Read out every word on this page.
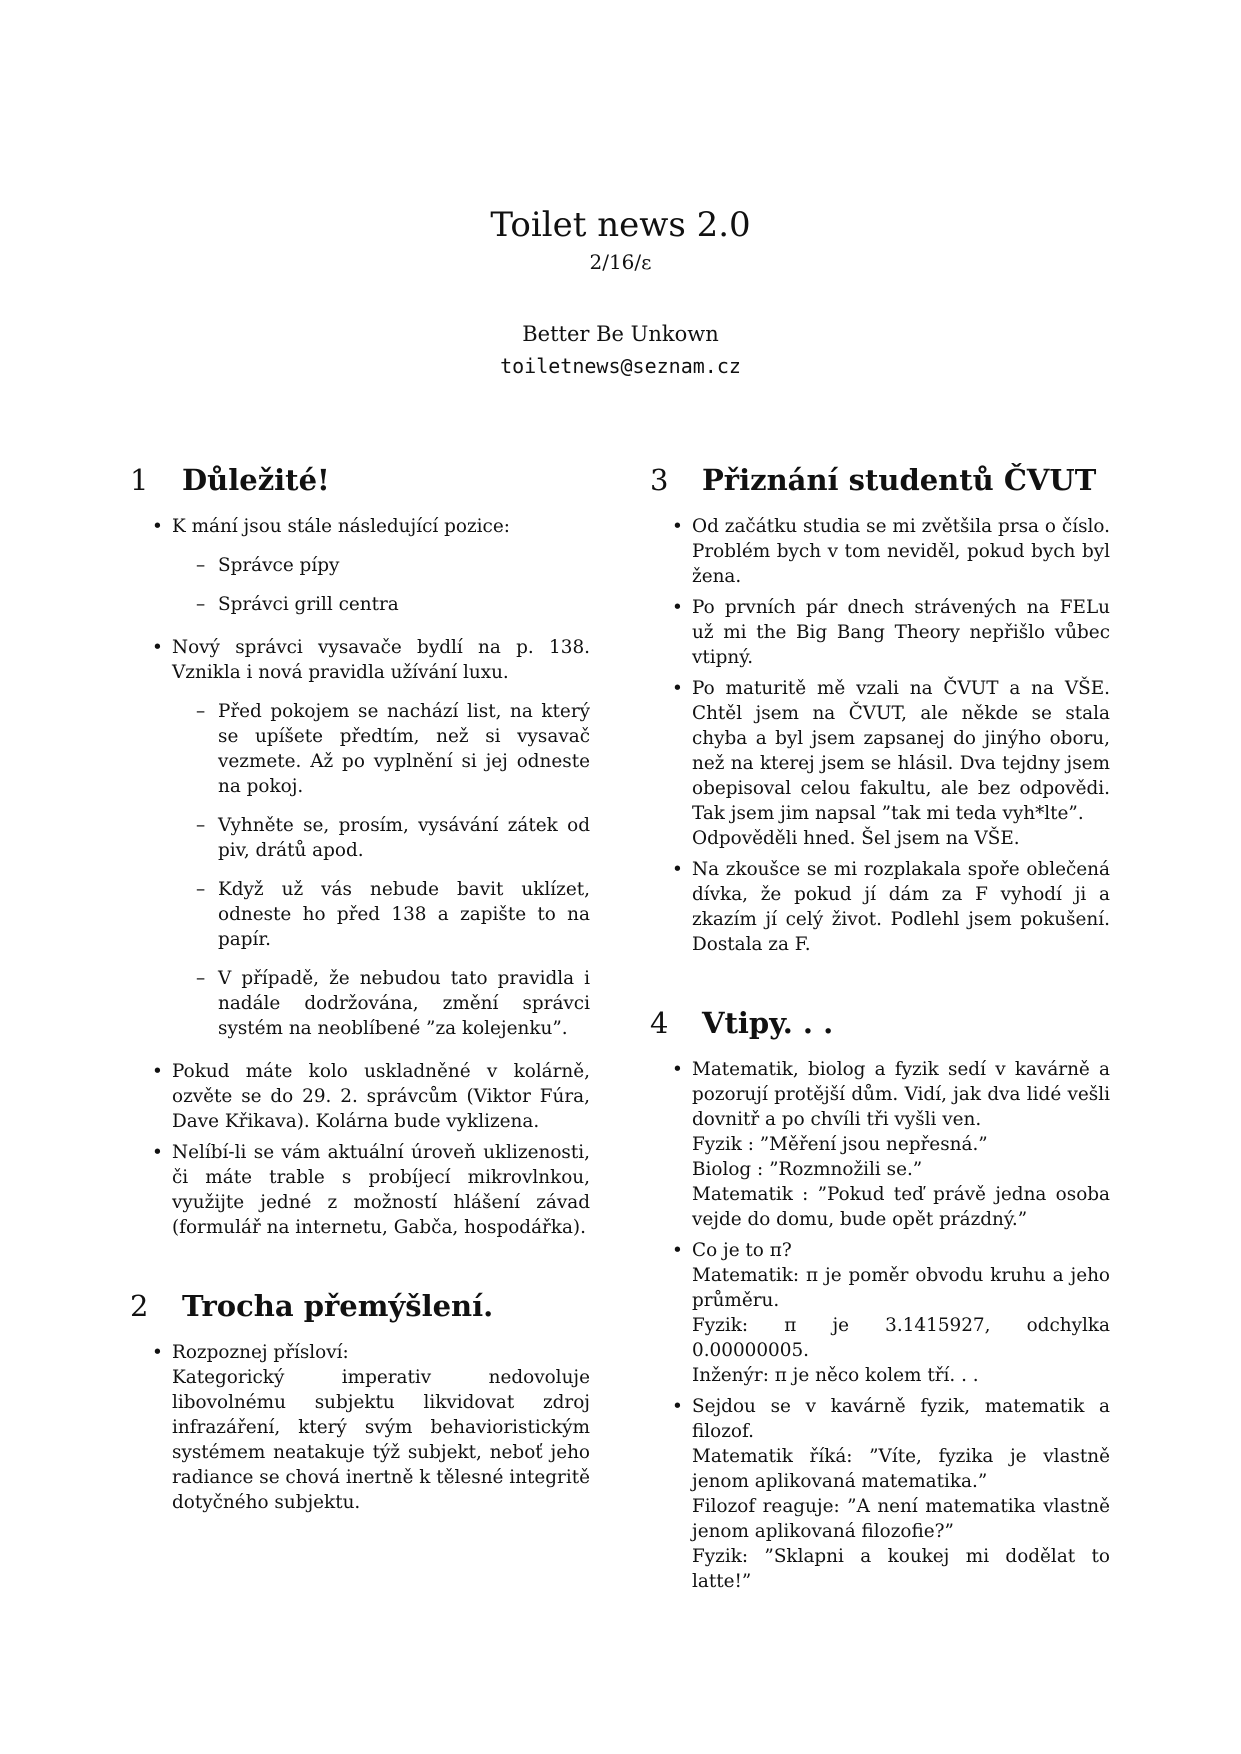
Toilet news 2.0
2/16/ε
Better Be Unkown
toiletnews@seznam.cz
1	Důležité!
• K mání jsou stále následující pozice:
– Správce pípy
– Správci grill centra
• Nový správci vysavače bydlí na p. 138. Vznikla i nová pravidla užívání luxu.
– Před pokojem se nachází list, na který se upíšete předtím, než si vysavač vezmete. Až po vyplnění si jej odneste na pokoj.
– Vyhněte se, prosím, vysávání zátek od piv, drátů apod.
– Když už vás nebude bavit uklízet, odneste ho před 138 a zapište to na papír.
– V případě, že nebudou tato pravidla i nadále dodržována, změní správci systém na neoblíbené ”za kolejenku”.
• Pokud máte kolo uskladněné v kolárně, ozvěte se do 29. 2. správcům (Viktor Fúra, Dave Křikava). Kolárna bude vyklizena.
• Nelíbí-li se vám aktuální úroveň uklizenosti, či máte trable s probíjecí mikrovlnkou, využijte jedné z možností hlášení závad (formulář na internetu, Gabča, hospodářka).
2	Trocha přemýšlení.
• Rozpoznej přísloví:
Kategorický imperativ nedovoluje libovolnému subjektu likvidovat zdroj infrazáření, který svým behavioristickým systémem neatakuje týž subjekt, neboť jeho radiance se chová inertně k tělesné integritě dotyčného subjektu.
3	Přiznání studentů ČVUT
• Od začátku studia se mi zvětšila prsa o číslo. Problém bych v tom neviděl, pokud bych byl žena.
• Po prvních pár dnech strávených na FELu už mi the Big Bang Theory nepřišlo vůbec vtipný.
• Po maturitě mě vzali na ČVUT a na VŠE. Chtěl jsem na ČVUT, ale někde se stala chyba a byl jsem zapsanej do jinýho oboru, než na kterej jsem se hlásil. Dva tejdny jsem obepisoval celou fakultu, ale bez odpovědi. Tak jsem jim napsal ”tak mi teda vyh*lte”.
Odpověděli hned. Šel jsem na VŠE.
• Na zkoušce se mi rozplakala spoře oblečená dívka, že pokud jí dám za F vyhodí ji a zkazím jí celý život. Podlehl jsem pokušení. Dostala za F.
4	Vtipy. . .
• Matematik, biolog a fyzik sedí v kavárně a pozorují protější dům. Vidí, jak dva lidé vešli dovnitř a po chvíli tři vyšli ven.
Fyzik : ”Měření jsou nepřesná.”
Biolog : ”Rozmnožili se.”
Matematik : ”Pokud teď právě jedna osoba vejde do domu, bude opět prázdný.”
• Co je to π?
Matematik: π je poměr obvodu kruhu a jeho průměru.
Fyzik: π je 3.1415927, odchylka 0.00000005.
Inženýr: π je něco kolem tří. . .
• Sejdou se v kavárně fyzik, matematik a filozof.
Matematik říká: ”Víte, fyzika je vlastně jenom aplikovaná matematika.”
Filozof reaguje: ”A není matematika vlastně jenom aplikovaná filozofie?”
Fyzik: ”Sklapni a koukej mi dodělat to latte!”
